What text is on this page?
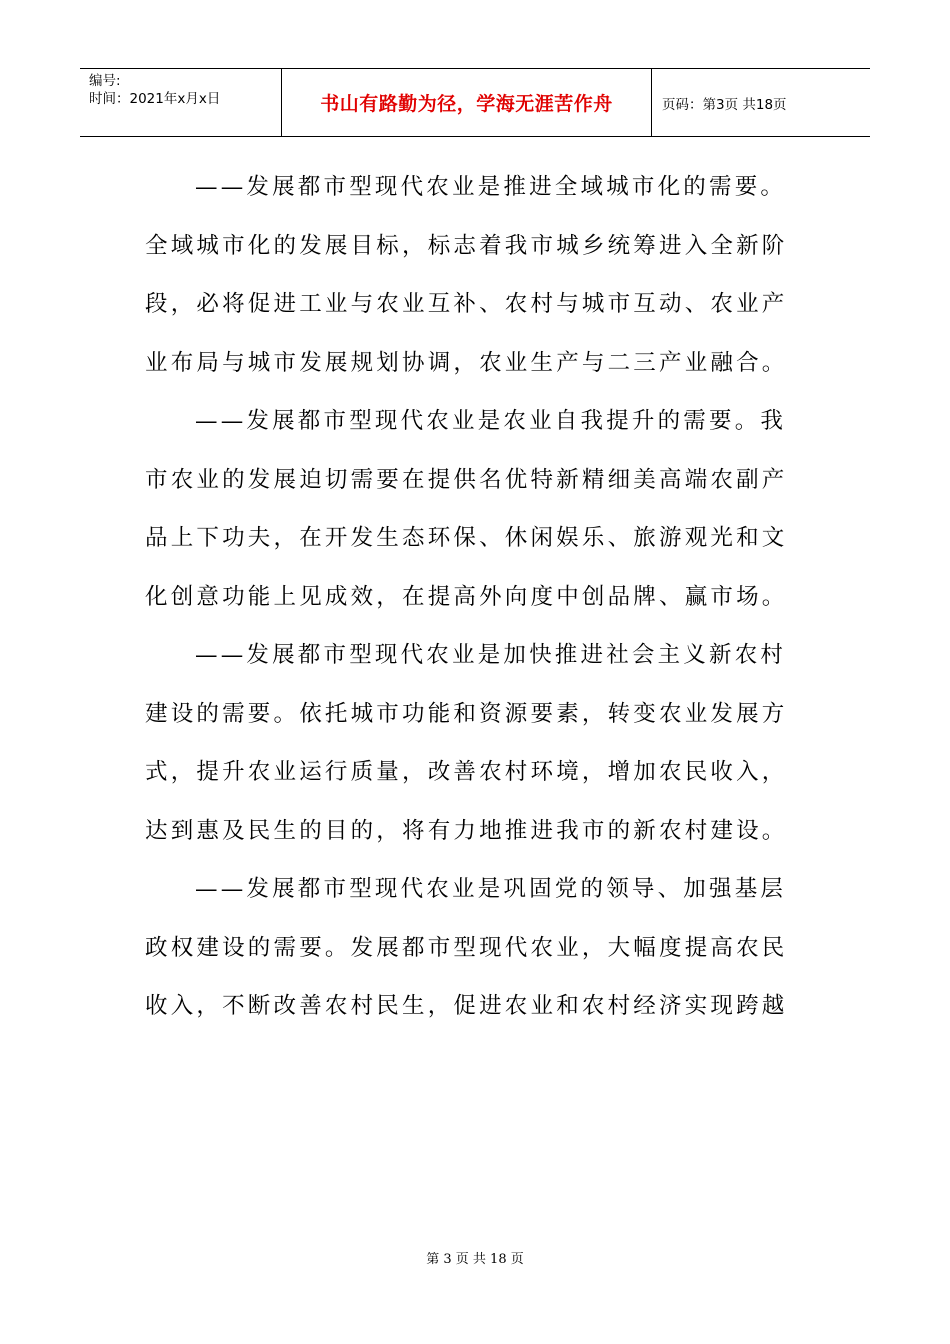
编号:
时间：2021年x月x日	书山有路勤为径，学海无涯苦作舟	页码：第3页 共18页
——发展都市型现代农业是推进全域城市化的需要。
全域城市化的发展目标，标志着我市城乡统筹进入全新阶
段，必将促进工业与农业互补、农村与城市互动、农业产
业布局与城市发展规划协调，农业生产与二三产业融合。
——发展都市型现代农业是农业自我提升的需要。我
市农业的发展迫切需要在提供名优特新精细美高端农副产
品上下功夫，在开发生态环保、休闲娱乐、旅游观光和文
化创意功能上见成效，在提高外向度中创品牌、赢市场。
——发展都市型现代农业是加快推进社会主义新农村
建设的需要。依托城市功能和资源要素，转变农业发展方
式，提升农业运行质量，改善农村环境，增加农民收入，
达到惠及民生的目的，将有力地推进我市的新农村建设。
——发展都市型现代农业是巩固党的领导、加强基层
政权建设的需要。发展都市型现代农业，大幅度提高农民
收入，不断改善农村民生，促进农业和农村经济实现跨越
第 3 页 共 18 页
